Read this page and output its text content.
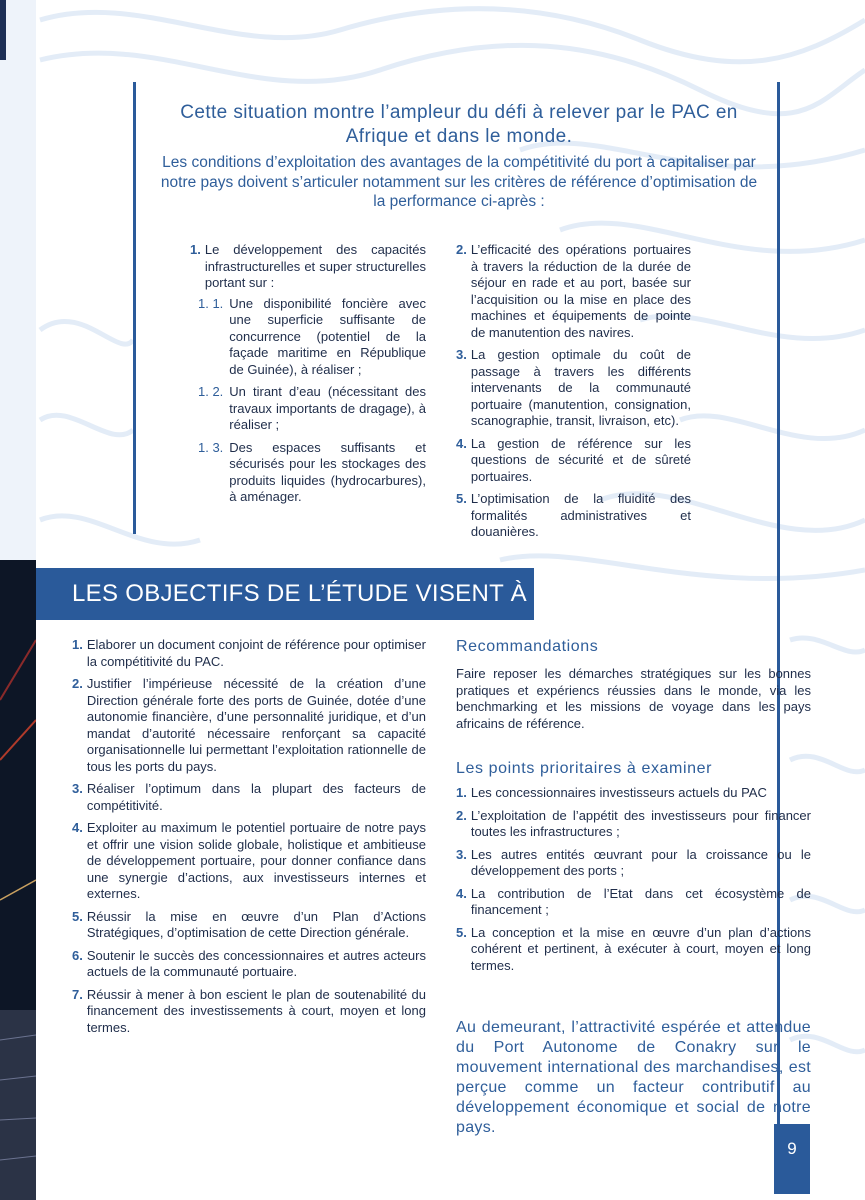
Cette situation montre l’ampleur du défi à relever par le PAC en Afrique et dans le monde.
Les conditions d’exploitation des avantages de la compétitivité du port à capitaliser par notre pays doivent s’articuler notamment sur les critères de référence d’optimisation de la performance ci-après :
1. Le développement des capacités infrastructurelles et super structurelles portant sur :
1. 1. Une disponibilité foncière avec une superficie suffisante de concurrence (potentiel de la façade maritime en République de Guinée), à réaliser ;
1. 2. Un tirant d’eau (nécessitant des travaux importants de dragage), à réaliser ;
1. 3. Des espaces suffisants et sécurisés pour les stockages des produits liquides (hydrocarbures), à aménager.
2. L’efficacité des opérations portuaires à travers la réduction de la durée de séjour en rade et au port, basée sur l’acquisition ou la mise en place des machines et équipements de pointe de manutention des navires.
3. La gestion optimale du coût de passage à travers les différents intervenants de la communauté portuaire (manutention, consignation, scanographie, transit, livraison, etc).
4. La gestion de référence sur les questions de sécurité et de sûreté portuaires.
5. L’optimisation de la fluidité des formalités administratives et douanières.
LES OBJECTIFS DE L’ÉTUDE VISENT À :
1. Elaborer un document conjoint de référence pour optimiser la compétitivité du PAC.
2. Justifier l’impérieuse nécessité de la création d’une Direction générale forte des ports de Guinée, dotée d’une autonomie financière, d’une personnalité juridique, et d’un mandat d’autorité nécessaire renforçant sa capacité organisationnelle lui permettant l’exploitation rationnelle de tous les ports du pays.
3. Réaliser l’optimum dans la plupart des facteurs de compétitivité.
4. Exploiter au maximum le potentiel portuaire de notre pays et offrir une vision solide globale, holistique et ambitieuse de développement portuaire, pour donner confiance dans une synergie d’actions, aux investisseurs internes et externes.
5. Réussir la mise en œuvre d’un Plan d’Actions Stratégiques, d’optimisation de cette Direction générale.
6. Soutenir le succès des concessionnaires et autres acteurs actuels de la communauté portuaire.
7. Réussir à mener à bon escient le plan de soutenabilité du financement des investissements à court, moyen et long termes.
Recommandations
Faire reposer les démarches stratégiques sur les bonnes pratiques et expériencs réussies dans le monde, via les benchmarking et les missions de voyage dans les pays africains de référence.
Les points prioritaires à examiner
1. Les concessionnaires investisseurs actuels du PAC
2. L’exploitation de l’appétit des investisseurs pour financer toutes les infrastructures ;
3. Les autres entités œuvrant pour la croissance ou le développement des ports ;
4. La contribution de l’Etat dans cet écosystème de financement ;
5. La conception et la mise en œuvre d’un plan d’actions cohérent et pertinent, à exécuter à court, moyen et long termes.
Au demeurant, l’attractivité espérée et attendue du Port Autonome de Conakry sur le mouvement international des marchandises, est perçue comme un facteur contributif au développement économique et social de notre pays.
9
